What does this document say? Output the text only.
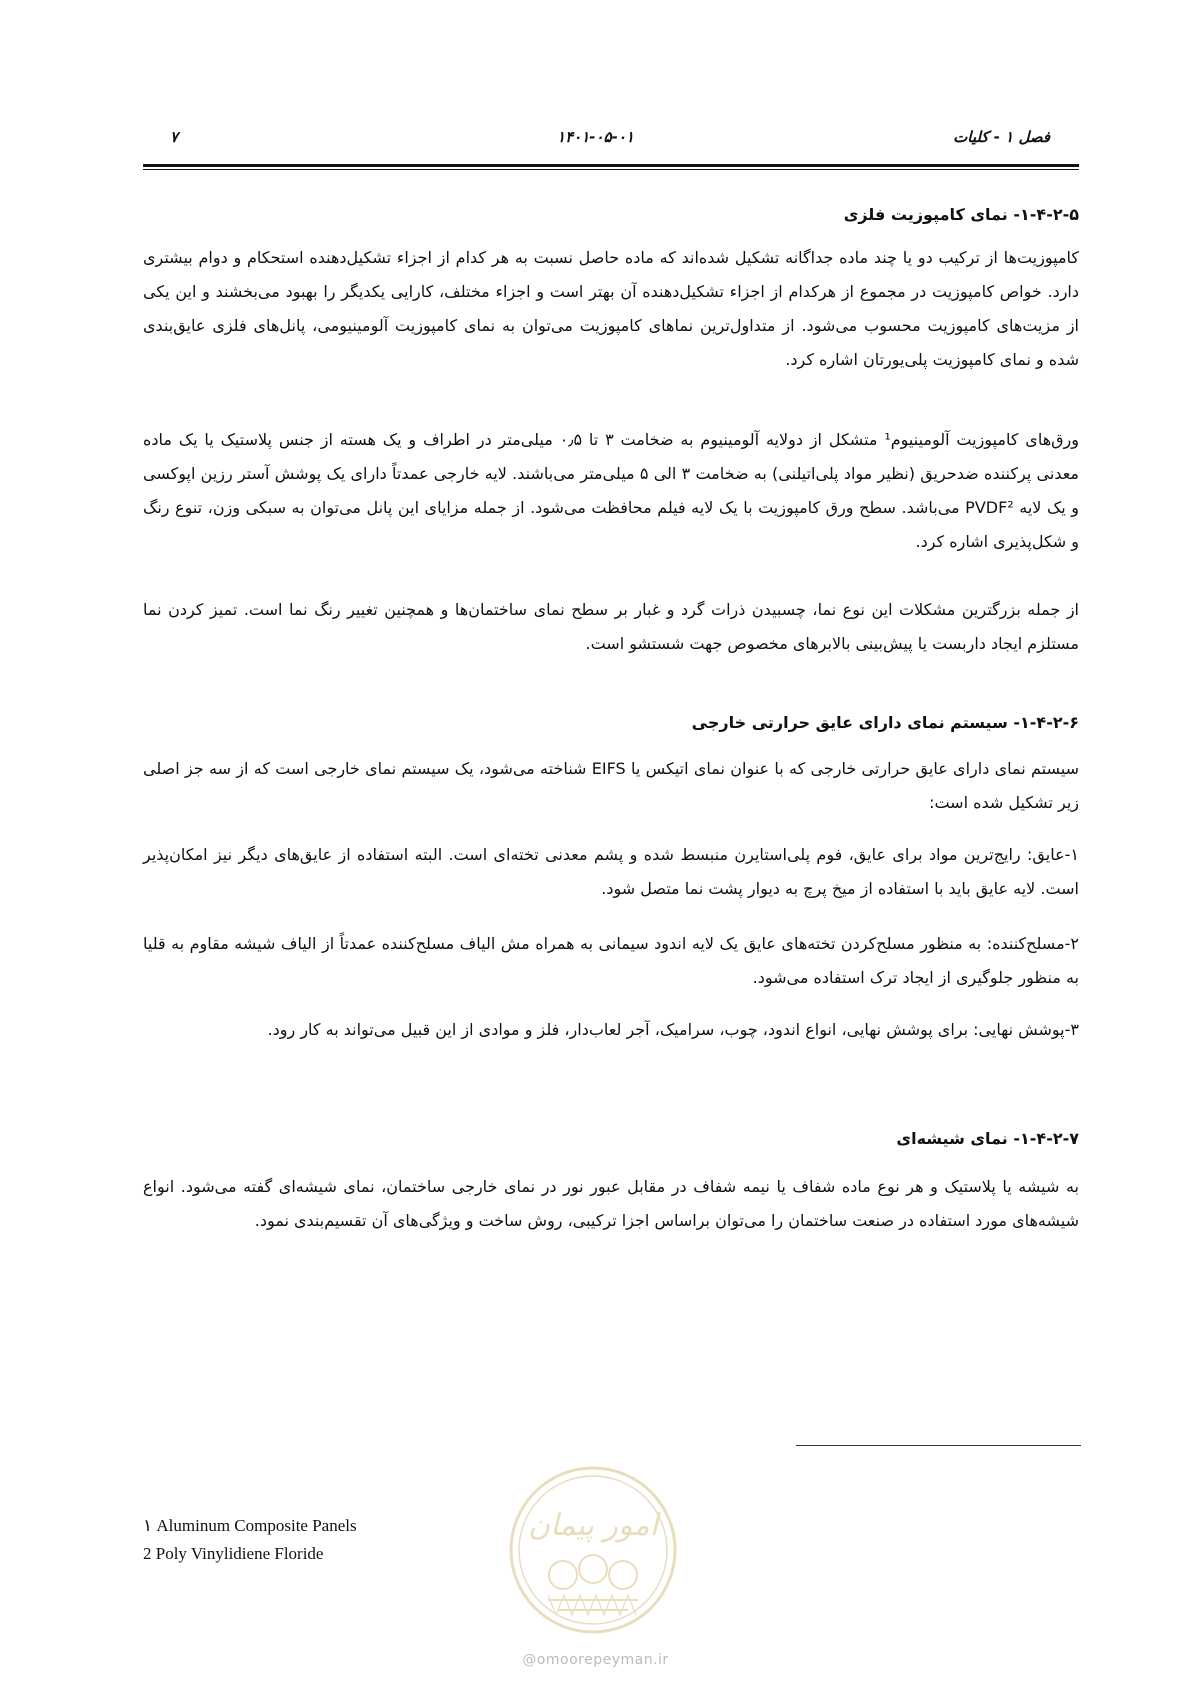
فصل ۱ - کلیات
۱۴۰۱-۰۵-۰۱
۷
۱-۴-۲-۵- نمای کامپوزیت فلزی

کامپوزیت‌ها از ترکیب دو یا چند ماده جداگانه تشکیل شده‌اند که ماده حاصل نسبت به هر کدام از اجزاء تشکیل‌دهنده استحکام و دوام بیشتری دارد. خواص کامپوزیت در مجموع از هرکدام از اجزاء تشکیل‌دهنده آن بهتر است و اجزاء مختلف، کارایی یکدیگر را بهبود می‌بخشند و این یکی از مزیت‌های کامپوزیت محسوب می‌شود. از متداول‌ترین نماهای کامپوزیت می‌توان به نمای کامپوزیت آلومینیومی، پانل‌های فلزی عایق‌بندی شده و نمای کامپوزیت پلی‌یورتان اشاره کرد.

ورق‌های کامپوزیت آلومینیوم¹ متشکل از دولایه آلومینیوم به ضخامت ۳ تا ۰٫۵ میلی‌متر در اطراف و یک هسته از جنس پلاستیک یا یک ماده معدنی پرکننده ضدحریق (نظیر مواد پلی‌اتیلنی) به ضخامت ۳ الی ۵ میلی‌متر می‌باشند. لایه خارجی عمدتاً دارای یک پوشش آستر رزین اپوکسی و یک لایه PVDF² می‌باشد. سطح ورق کامپوزیت با یک لایه فیلم محافظت می‌شود. از جمله مزایای این پانل می‌توان به سبکی وزن، تنوع رنگ و شکل‌پذیری اشاره کرد.

از جمله بزرگترین مشکلات این نوع نما، چسبیدن ذرات گرد و غبار بر سطح نمای ساختمان‌ها و همچنین تغییر رنگ نما است. تمیز کردن نما مستلزم ایجاد داربست یا پیش‌بینی بالابرهای مخصوص جهت شستشو است.

۱-۴-۲-۶- سیستم نمای دارای عایق حرارتی خارجی

سیستم نمای دارای عایق حرارتی خارجی که با عنوان نمای اتیکس یا EIFS شناخته می‌شود، یک سیستم نمای خارجی است که از سه جز اصلی زیر تشکیل شده است:

۱-عایق: رایج‌ترین مواد برای عایق، فوم پلی‌استایرن منبسط شده و پشم معدنی تخته‌ای است. البته استفاده از عایق‌های دیگر نیز امکان‌پذیر است. لایه عایق باید با استفاده از میخ پرچ به دیوار پشت نما متصل شود.

۲-مسلح‌کننده: به منظور مسلح‌کردن تخته‌های عایق یک لایه اندود سیمانی به همراه مش الیاف مسلح‌کننده عمدتاً از الیاف شیشه مقاوم به قلیا به منظور جلوگیری از ایجاد ترک استفاده می‌شود.

۳-پوشش نهایی: برای پوشش نهایی، انواع اندود، چوب، سرامیک، آجر لعاب‌دار، فلز و موادی از این قبیل می‌تواند به کار رود.

۱-۴-۲-۷- نمای شیشه‌ای

به شیشه یا پلاستیک و هر نوع ماده شفاف یا نیمه شفاف در مقابل عبور نور در نمای خارجی ساختمان، نمای شیشه‌ای گفته می‌شود. انواع شیشه‌های مورد استفاده در صنعت ساختمان را می‌توان براساس اجزا ترکیبی، روش ساخت و ویژگی‌های آن تقسیم‌بندی نمود.

۱ Aluminum Composite Panels
2 Poly Vinylidiene Floride
امور پیمان
@omoorepeyman.ir
